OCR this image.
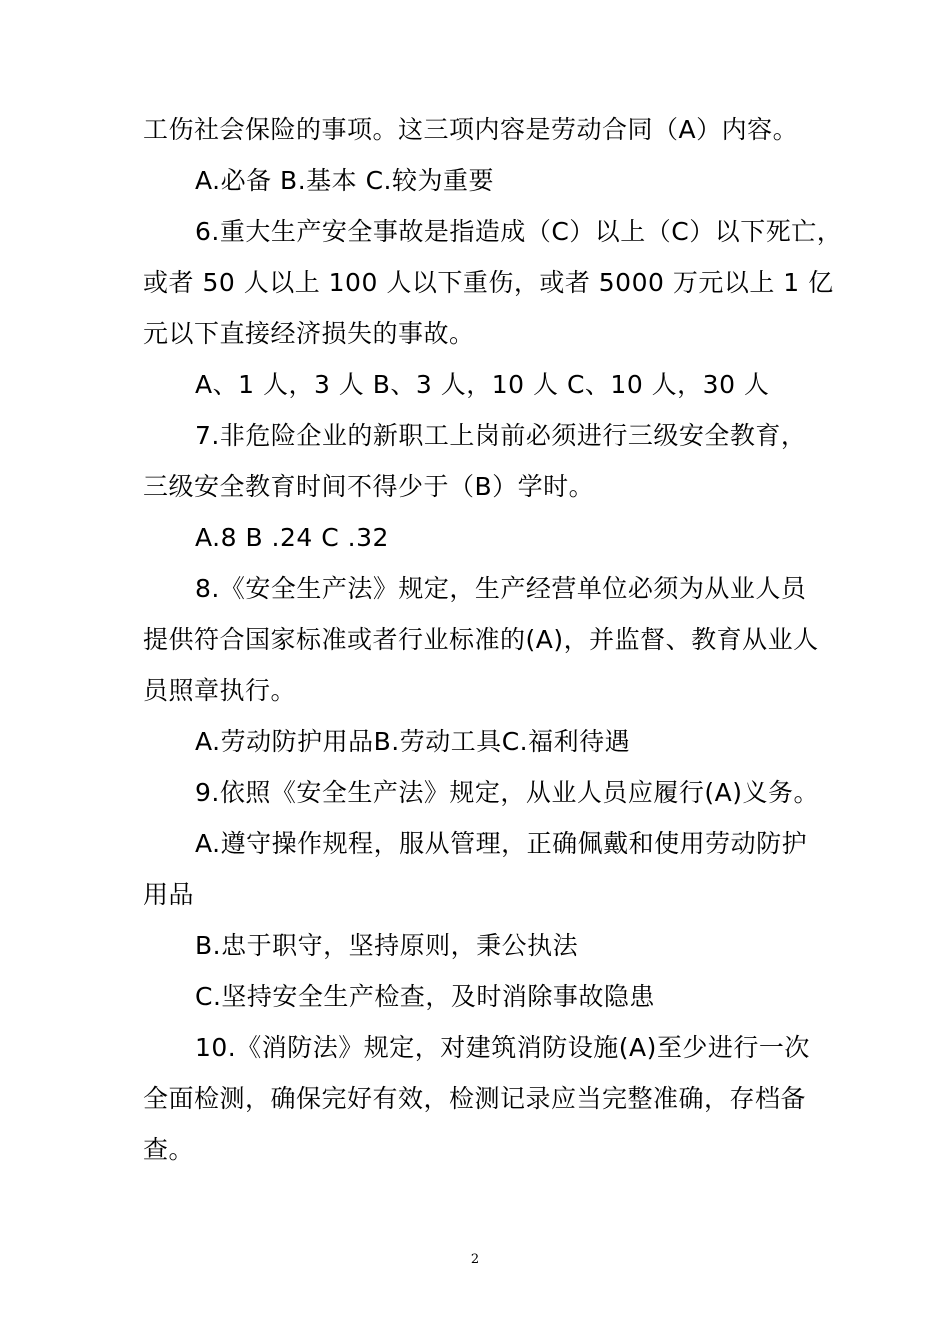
工伤社会保险的事项。这三项内容是劳动合同（A）内容。
A.必备 B.基本 C.较为重要
6.重大生产安全事故是指造成（C）以上（C）以下死亡，
或者 50 人以上 100 人以下重伤，或者 5000 万元以上 1 亿
元以下直接经济损失的事故。
A、1 人，3 人 B、3 人，10 人 C、10 人，30 人
7.非危险企业的新职工上岗前必须进行三级安全教育，
三级安全教育时间不得少于（B）学时。
A.8 B .24 C .32
8.《安全生产法》规定，生产经营单位必须为从业人员
提供符合国家标准或者行业标准的(A)，并监督、教育从业人
员照章执行。
A.劳动防护用品B.劳动工具C.福利待遇
9.依照《安全生产法》规定，从业人员应履行(A)义务。
A.遵守操作规程，服从管理，正确佩戴和使用劳动防护
用品
B.忠于职守，坚持原则，秉公执法
C.坚持安全生产检查，及时消除事故隐患
10.《消防法》规定，对建筑消防设施(A)至少进行一次
全面检测，确保完好有效，检测记录应当完整准确，存档备
查。
2
